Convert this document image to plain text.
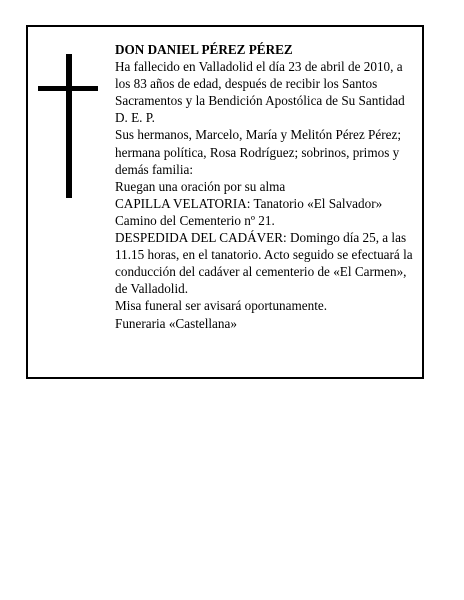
DON DANIEL PÉREZ PÉREZ

Ha fallecido en Valladolid el día 23 de abril de 2010, a los 83 años de edad, después de recibir los Santos Sacramentos y la Bendición Apostólica de Su Santidad

D. E. P.

Sus hermanos, Marcelo, María y Melitón Pérez Pérez; hermana política, Rosa Rodríguez; sobrinos, primos y demás familia:

Ruegan una oración por su alma

CAPILLA VELATORIA: Tanatorio «El Salvador» Camino del Cementerio nº 21.

DESPEDIDA DEL CADÁVER: Domingo día 25, a las 11.15 horas, en el tanatorio. Acto seguido se efectuará la conducción del cadáver al cementerio de «El Carmen», de Valladolid.

Misa funeral ser avisará oportunamente.

Funeraria «Castellana»
